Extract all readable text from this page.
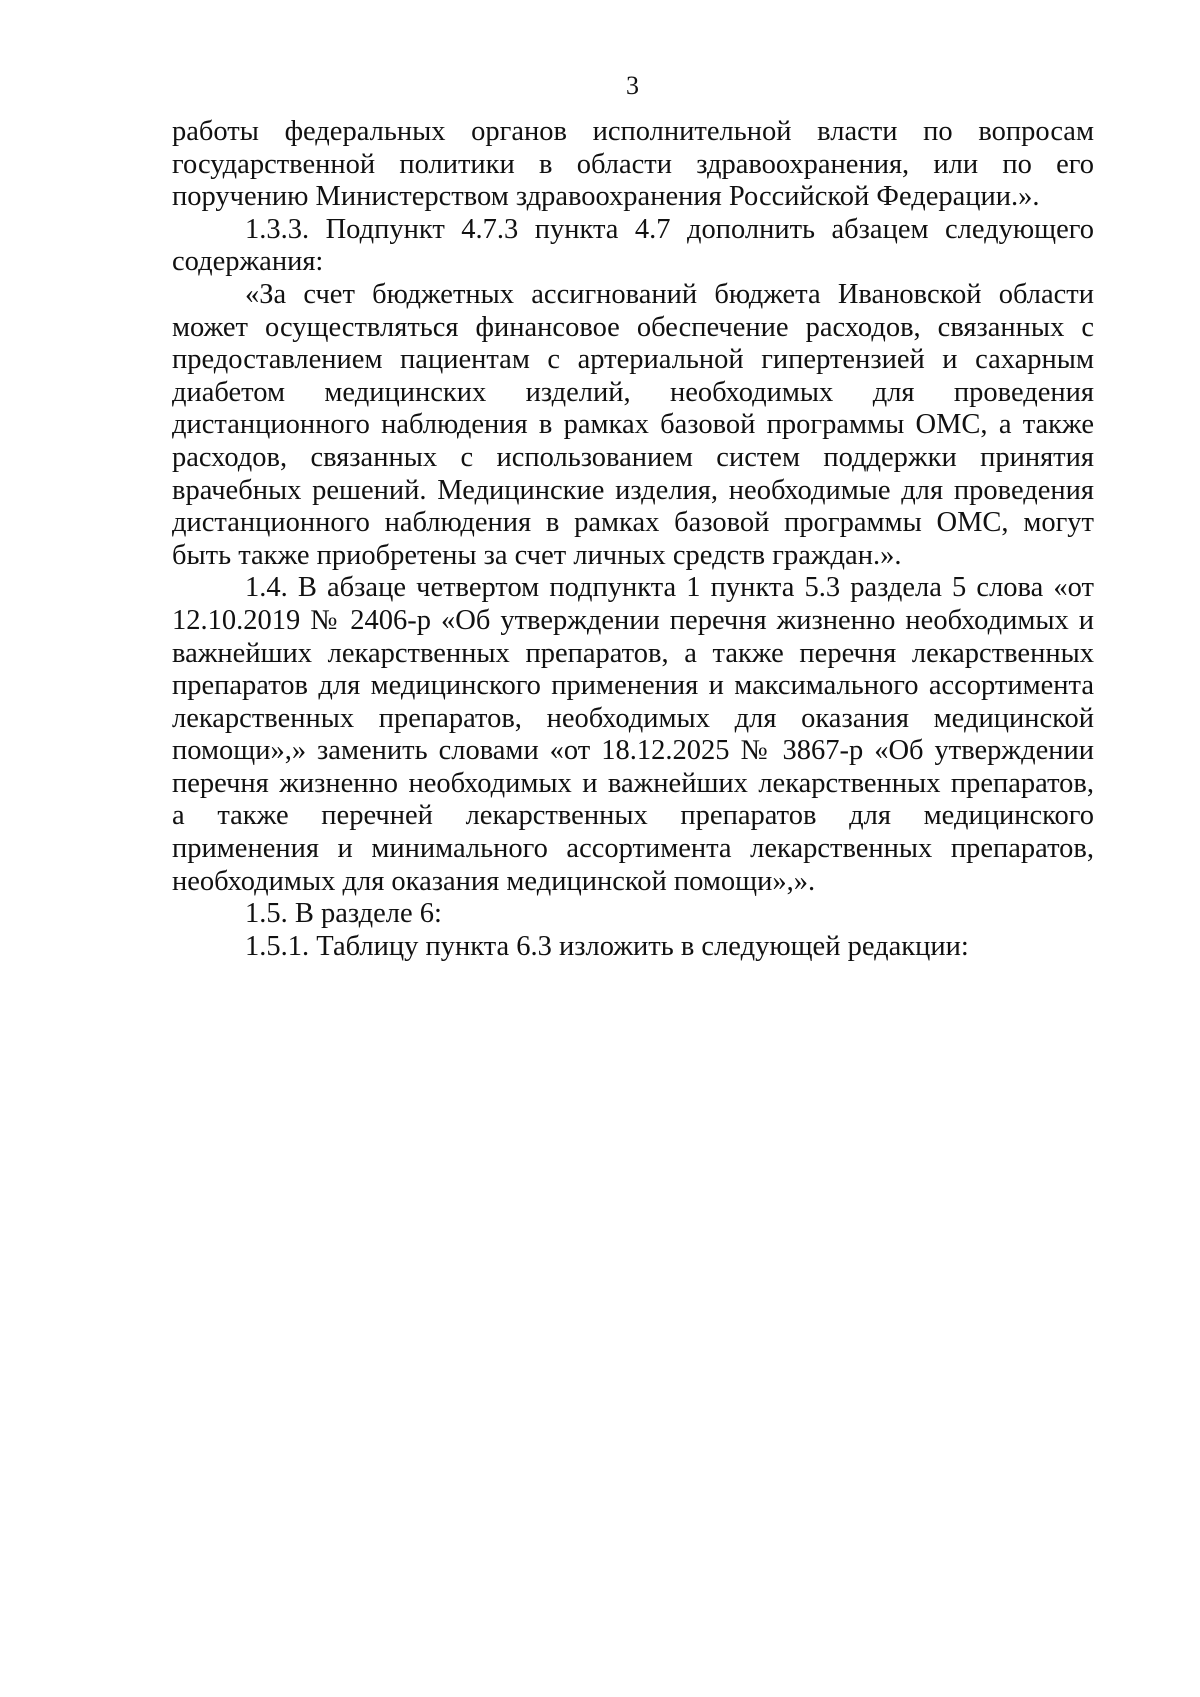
3

работы федеральных органов исполнительной власти по вопросам государственной политики в области здравоохранения, или по его поручению Министерством здравоохранения Российской Федерации.».

1.3.3. Подпункт 4.7.3 пункта 4.7 дополнить абзацем следующего содержания:

«За счет бюджетных ассигнований бюджета Ивановской области может осуществляться финансовое обеспечение расходов, связанных с предоставлением пациентам с артериальной гипертензией и сахарным диабетом медицинских изделий, необходимых для проведения дистанционного наблюдения в рамках базовой программы ОМС, а также расходов, связанных с использованием систем поддержки принятия врачебных решений. Медицинские изделия, необходимые для проведения дистанционного наблюдения в рамках базовой программы ОМС, могут быть также приобретены за счет личных средств граждан.».

1.4. В абзаце четвертом подпункта 1 пункта 5.3 раздела 5 слова «от 12.10.2019 № 2406-р «Об утверждении перечня жизненно необходимых и важнейших лекарственных препаратов, а также перечня лекарственных препаратов для медицинского применения и максимального ассортимента лекарственных препаратов, необходимых для оказания медицинской помощи»,» заменить словами «от 18.12.2025 № 3867-р «Об утверждении перечня жизненно необходимых и важнейших лекарственных препаратов, а также перечней лекарственных препаратов для медицинского применения и минимального ассортимента лекарственных препаратов, необходимых для оказания медицинской помощи»,».

1.5. В разделе 6:

1.5.1. Таблицу пункта 6.3 изложить в следующей редакции:
